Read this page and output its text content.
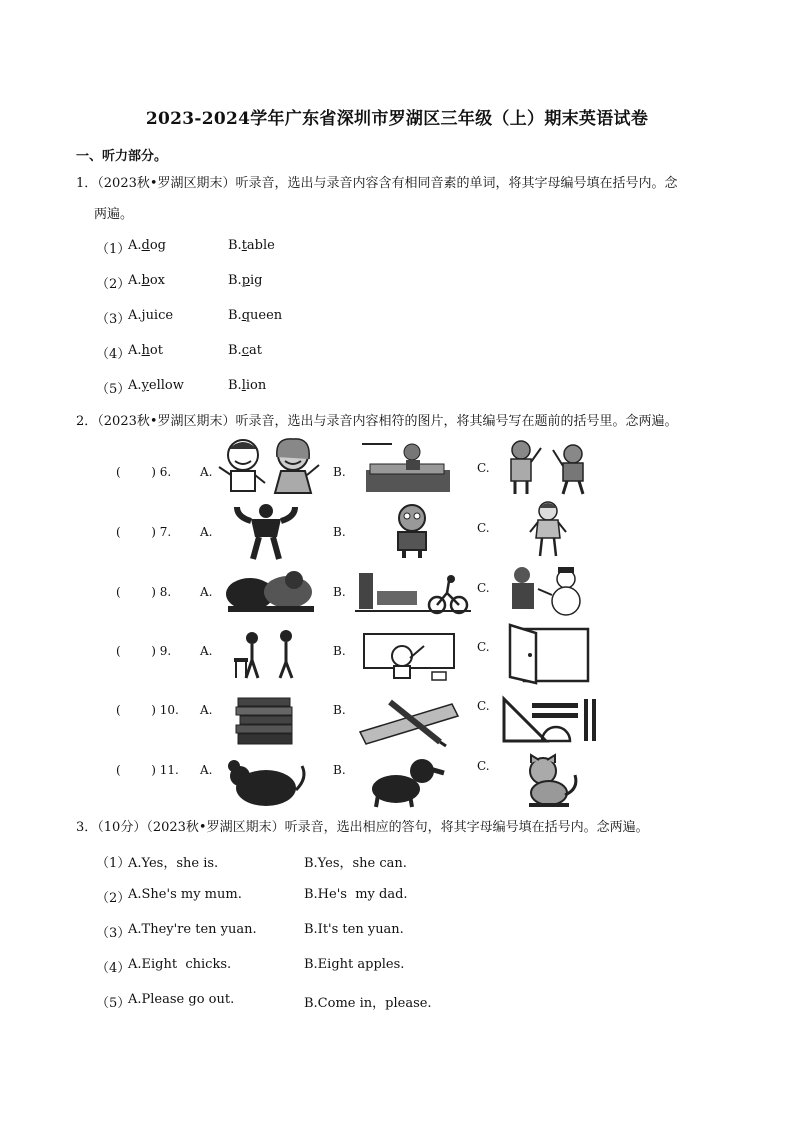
2023-2024学年广东省深圳市罗湖区三年级（上）期末英语试卷
一、听力部分。
1．（2023秋•罗湖区期末）听录音，选出与录音内容含有相同音素的单词，将其字母编号填在括号内。念
两遍。
（1）
A.dog	B.table
（2）
A.box	B.pig
（3）
A.juice	B.queen
（4）
A.hot	B.cat
（5）
A.yellow	B.lion
2．（2023秋•罗湖区期末）听录音，选出与录音内容相符的图片，将其编号写在题前的括号里。念两遍。
(        ) 6. A.	B.	C.
(        ) 7. A.	B.	C.
(        ) 8. A.	B.	C.
(        ) 9. A.	B.	C.
(        ) 10. A.	B.	C.
(        ) 11. A.	B.	C.
3．（10分）（2023秋•罗湖区期末）听录音，选出相应的答句，将其字母编号填在括号内。念两遍。
（1）
A.Yes，she is.	B.Yes，she can.
（2）
A.She's my mum.	B.He's  my dad.
（3）
A.They're ten yuan.	B.It's ten yuan.
（4）
A.Eight  chicks.	B.Eight apples.
（5）
A.Please go out.	B.Come in，please.
